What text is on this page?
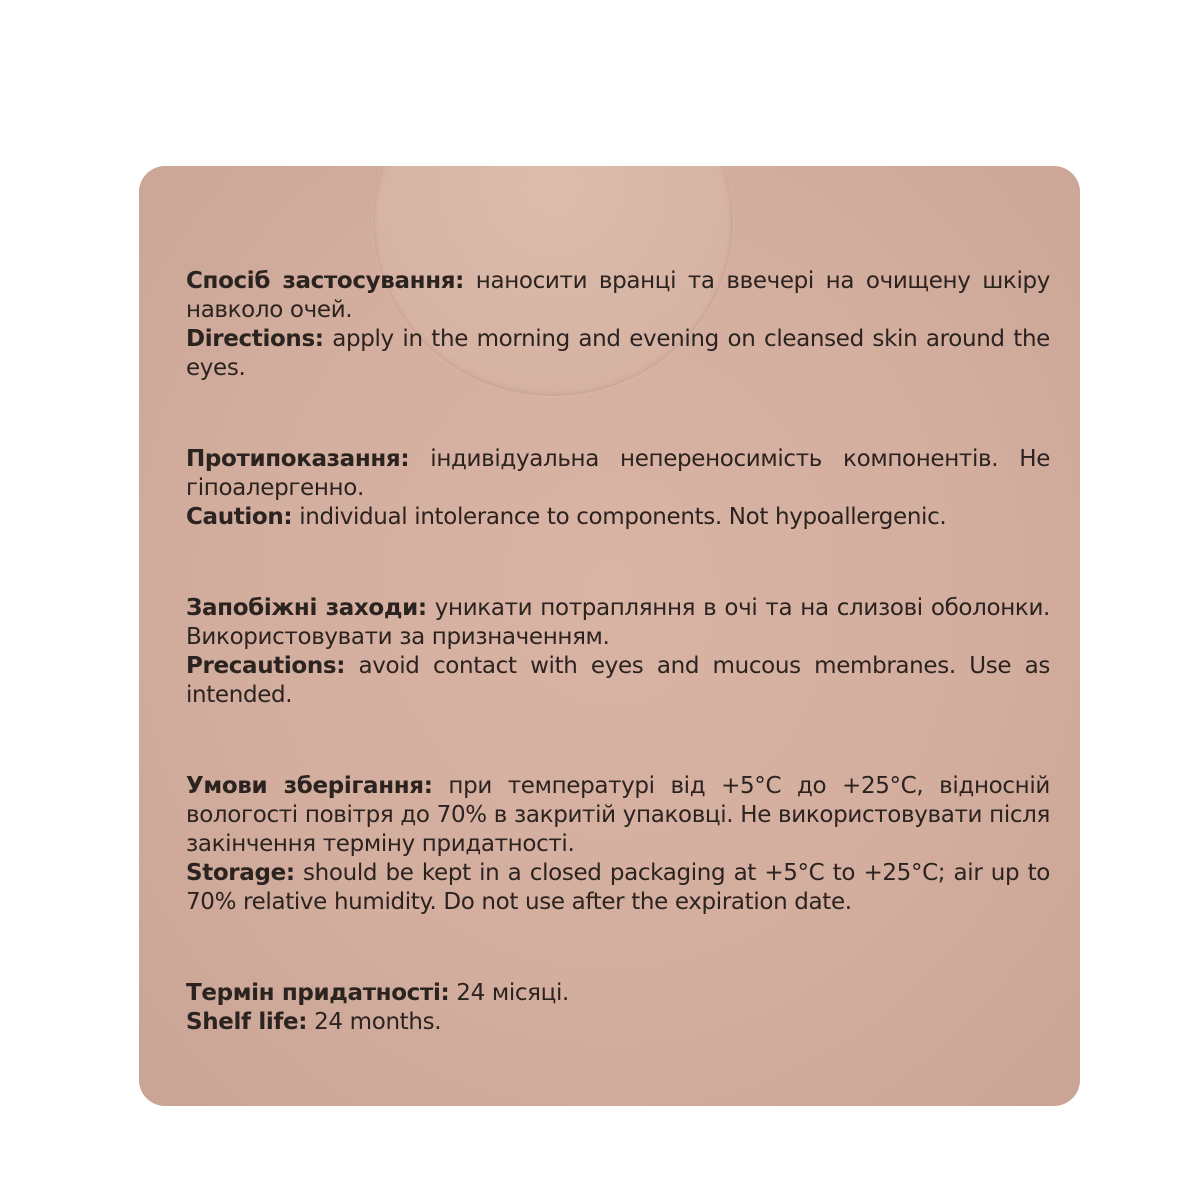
Спосіб застосування: наносити вранці та ввечері на очищену шкіру навколо очей.

Directions: apply in the morning and evening on cleansed skin around the eyes.

Протипоказання: індивідуальна непереносимість компонентів. Не гіпоалергенно.

Caution: individual intolerance to components. Not hypoallergenic.

Запобіжні заходи: уникати потрапляння в очі та на слизові оболонки. Використовувати за призначенням.

Precautions: avoid contact with eyes and mucous membranes. Use as intended.

Умови зберігання: при температурі від +5°C до +25°C, відносній вологості повітря до 70% в закритій упаковці. Не використовувати після закінчення терміну придатності.

Storage: should be kept in a closed packaging at +5°C to +25°C; air up to 70% relative humidity. Do not use after the expiration date.

Термін придатності: 24 місяці.

Shelf life: 24 months.
